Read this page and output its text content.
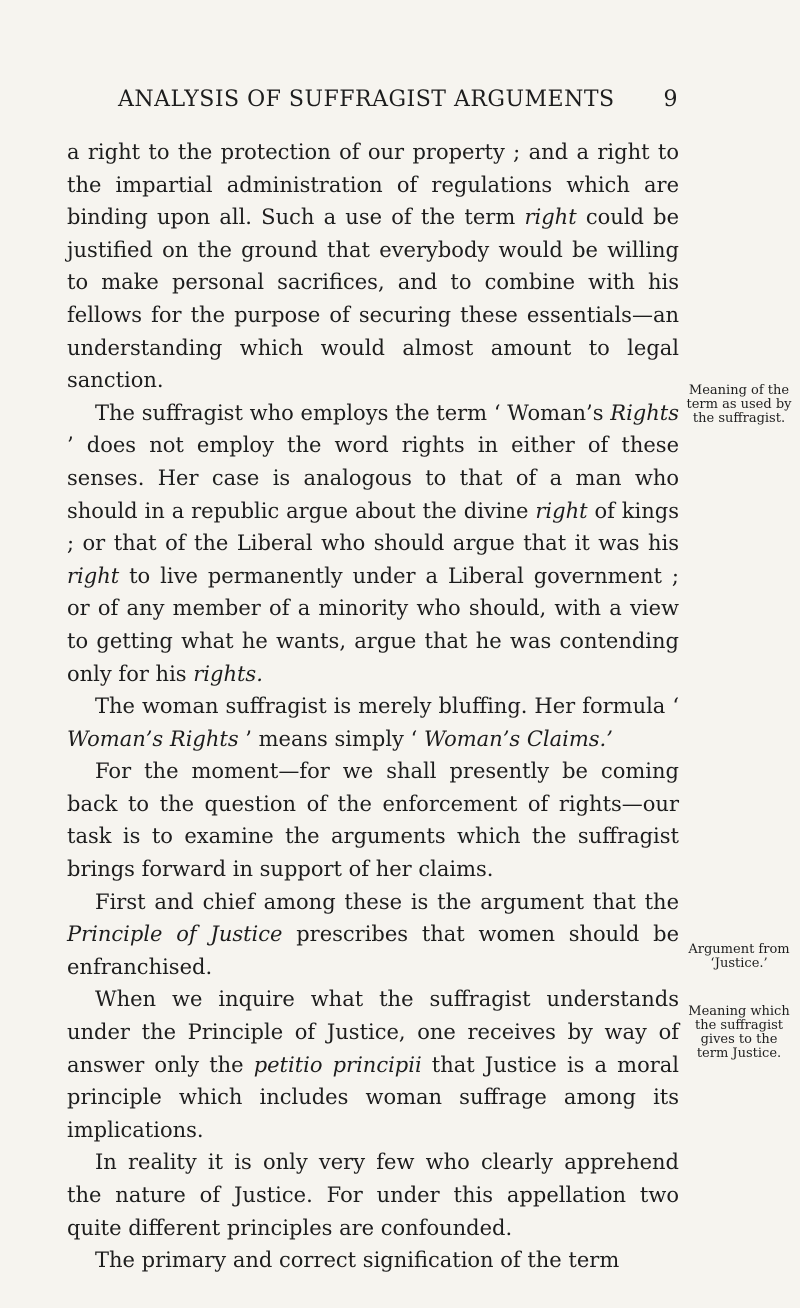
ANALYSIS OF SUFFRAGIST ARGUMENTS 9

a right to the protection of our property ; and a right to the impartial administration of regulations which are binding upon all. Such a use of the term right could be justified on the ground that everybody would be willing to make personal sacrifices, and to combine with his fellows for the purpose of securing these essentials—an understanding which would almost amount to legal sanction.

The suffragist who employs the term ‘ Woman’s Rights ’ does not employ the word rights in either of these senses. Her case is analogous to that of a man who should in a republic argue about the divine right of kings ; or that of the Liberal who should argue that it was his right to live permanently under a Liberal government ; or of any member of a minority who should, with a view to getting what he wants, argue that he was contending only for his rights.

The woman suffragist is merely bluffing. Her formula ‘ Woman’s Rights ’ means simply ‘ Woman’s Claims.’

For the moment—for we shall presently be coming back to the question of the enforcement of rights—our task is to examine the arguments which the suffragist brings forward in support of her claims.

First and chief among these is the argument that the Principle of Justice prescribes that women should be enfranchised.

When we inquire what the suffragist understands under the Principle of Justice, one receives by way of answer only the petitio principii that Justice is a moral principle which includes woman suffrage among its implications.

In reality it is only very few who clearly apprehend the nature of Justice. For under this appellation two quite different principles are confounded.

The primary and correct signification of the term

Meaning of the term as used by the suffragist.
Argument from ‘Justice.’
Meaning which the suffragist gives to the term Justice.
